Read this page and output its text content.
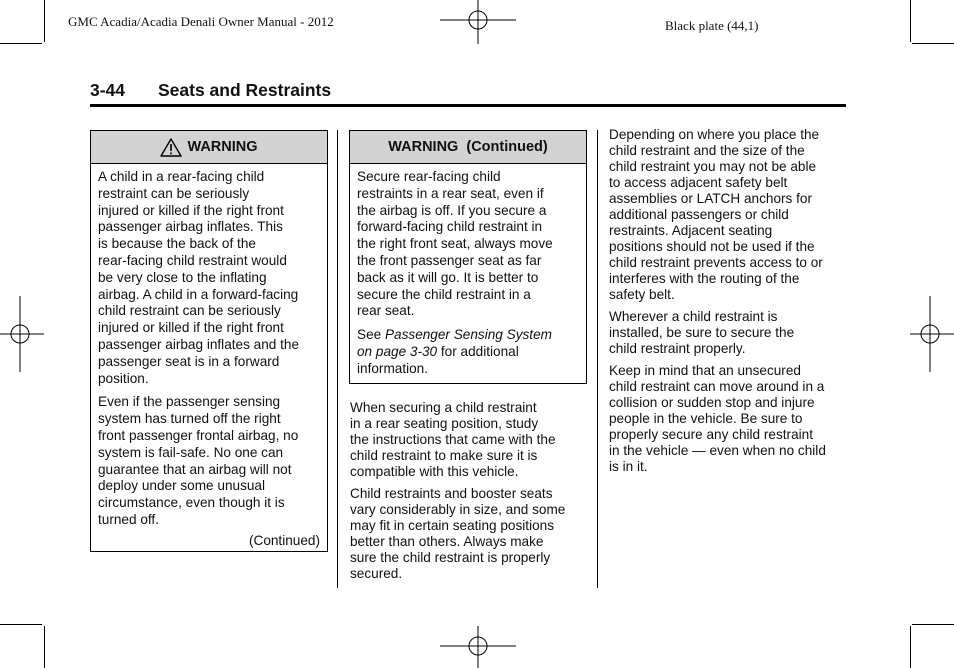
GMC Acadia/Acadia Denali Owner Manual - 2012	Black plate (44,1)
3-44 Seats and Restraints
WARNING

A child in a rear-facing child
restraint can be seriously
injured or killed if the right front
passenger airbag inflates. This
is because the back of the
rear-facing child restraint would
be very close to the inflating
airbag. A child in a forward-facing
child restraint can be seriously
injured or killed if the right front
passenger airbag inflates and the
passenger seat is in a forward
position.

Even if the passenger sensing
system has turned off the right
front passenger frontal airbag, no
system is fail-safe. No one can
guarantee that an airbag will not
deploy under some unusual
circumstance, even though it is
turned off.

(Continued)
WARNING  (Continued)

Secure rear-facing child
restraints in a rear seat, even if
the airbag is off. If you secure a
forward-facing child restraint in
the right front seat, always move
the front passenger seat as far
back as it will go. It is better to
secure the child restraint in a
rear seat.

See Passenger Sensing System
on page 3-30 for additional
information.

When securing a child restraint
in a rear seating position, study
the instructions that came with the
child restraint to make sure it is
compatible with this vehicle.

Child restraints and booster seats
vary considerably in size, and some
may fit in certain seating positions
better than others. Always make
sure the child restraint is properly
secured.

Depending on where you place the
child restraint and the size of the
child restraint you may not be able
to access adjacent safety belt
assemblies or LATCH anchors for
additional passengers or child
restraints. Adjacent seating
positions should not be used if the
child restraint prevents access to or
interferes with the routing of the
safety belt.

Wherever a child restraint is
installed, be sure to secure the
child restraint properly.

Keep in mind that an unsecured
child restraint can move around in a
collision or sudden stop and injure
people in the vehicle. Be sure to
properly secure any child restraint
in the vehicle — even when no child
is in it.
